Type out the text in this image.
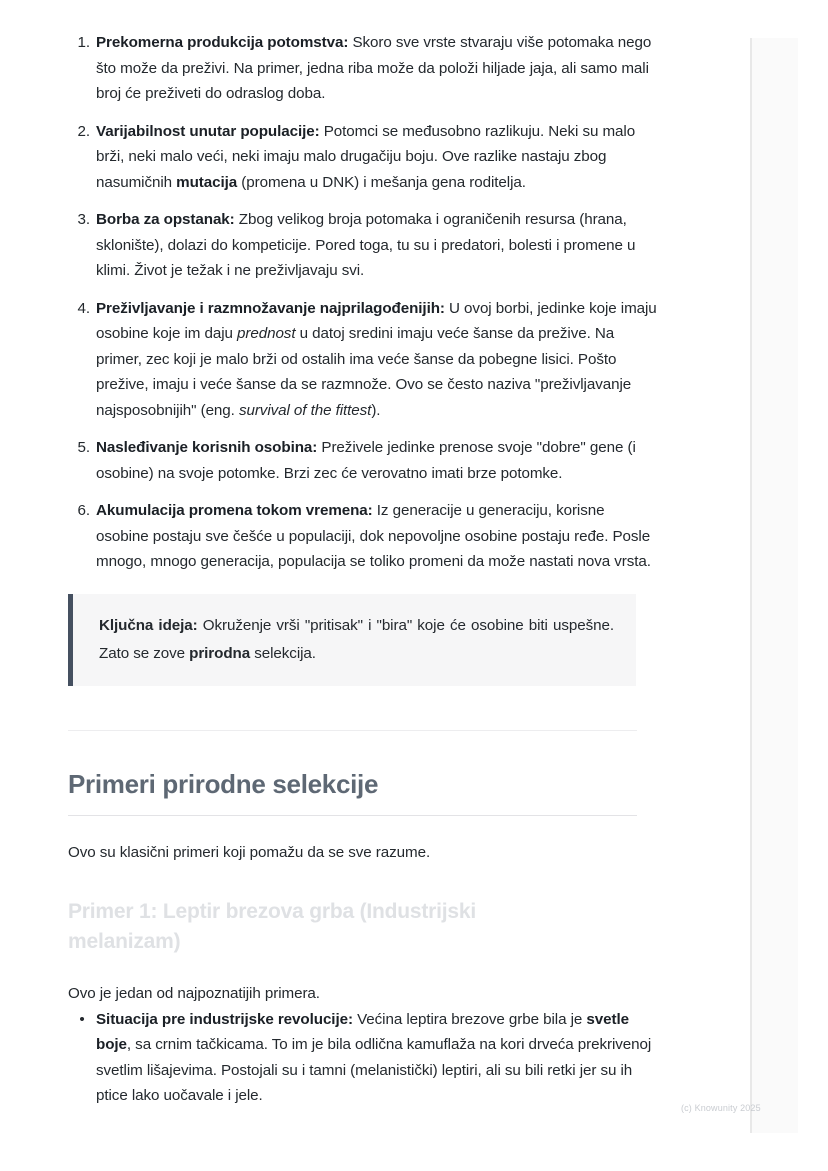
1. Prekomerna produkcija potomstva: Skoro sve vrste stvaraju više potomaka nego što može da preživi. Na primer, jedna riba može da položi hiljade jaja, ali samo mali broj će preživeti do odraslog doba.
2. Varijabilnost unutar populacije: Potomci se međusobno razlikuju. Neki su malo brži, neki malo veći, neki imaju malo drugačiju boju. Ove razlike nastaju zbog nasumičnih mutacija (promena u DNK) i mešanja gena roditelja.
3. Borba za opstanak: Zbog velikog broja potomaka i ograničenih resursa (hrana, sklonište), dolazi do kompeticije. Pored toga, tu su i predatori, bolesti i promene u klimi. Život je težak i ne preživljavaju svi.
4. Preživljavanje i razmnožavanje najprilagođenijih: U ovoj borbi, jedinke koje imaju osobine koje im daju prednost u datoj sredini imaju veće šanse da prežive. Na primer, zec koji je malo brži od ostalih ima veće šanse da pobegne lisici. Pošto prežive, imaju i veće šanse da se razmnože. Ovo se često naziva "preživljavanje najsposobnijih" (eng. survival of the fittest).
5. Nasleđivanje korisnih osobina: Preživele jedinke prenose svoje "dobre" gene (i osobine) na svoje potomke. Brzi zec će verovatno imati brze potomke.
6. Akumulacija promena tokom vremena: Iz generacije u generaciju, korisne osobine postaju sve češće u populaciji, dok nepovoljne osobine postaju ređe. Posle mnogo, mnogo generacija, populacija se toliko promeni da može nastati nova vrsta.

Ključna ideja: Okruženje vrši "pritisak" i "bira" koje će osobine biti uspešne. Zato se zove prirodna selekcija.

Primeri prirodne selekcije

Ovo su klasični primeri koji pomažu da se sve razume.

Primer 1: Leptir brezova grba (Industrijski melanizam)

Ovo je jedan od najpoznatijih primera.

• Situacija pre industrijske revolucije: Većina leptira brezove grbe bila je svetle boje, sa crnim tačkicama. To im je bila odlična kamuflaža na kori drveća prekrivenoj svetlim lišajevima. Postojali su i tamni (melanistički) leptiri, ali su bili retki jer su ih ptice lako uočavale i jele.
(c) Knowunity 2025
